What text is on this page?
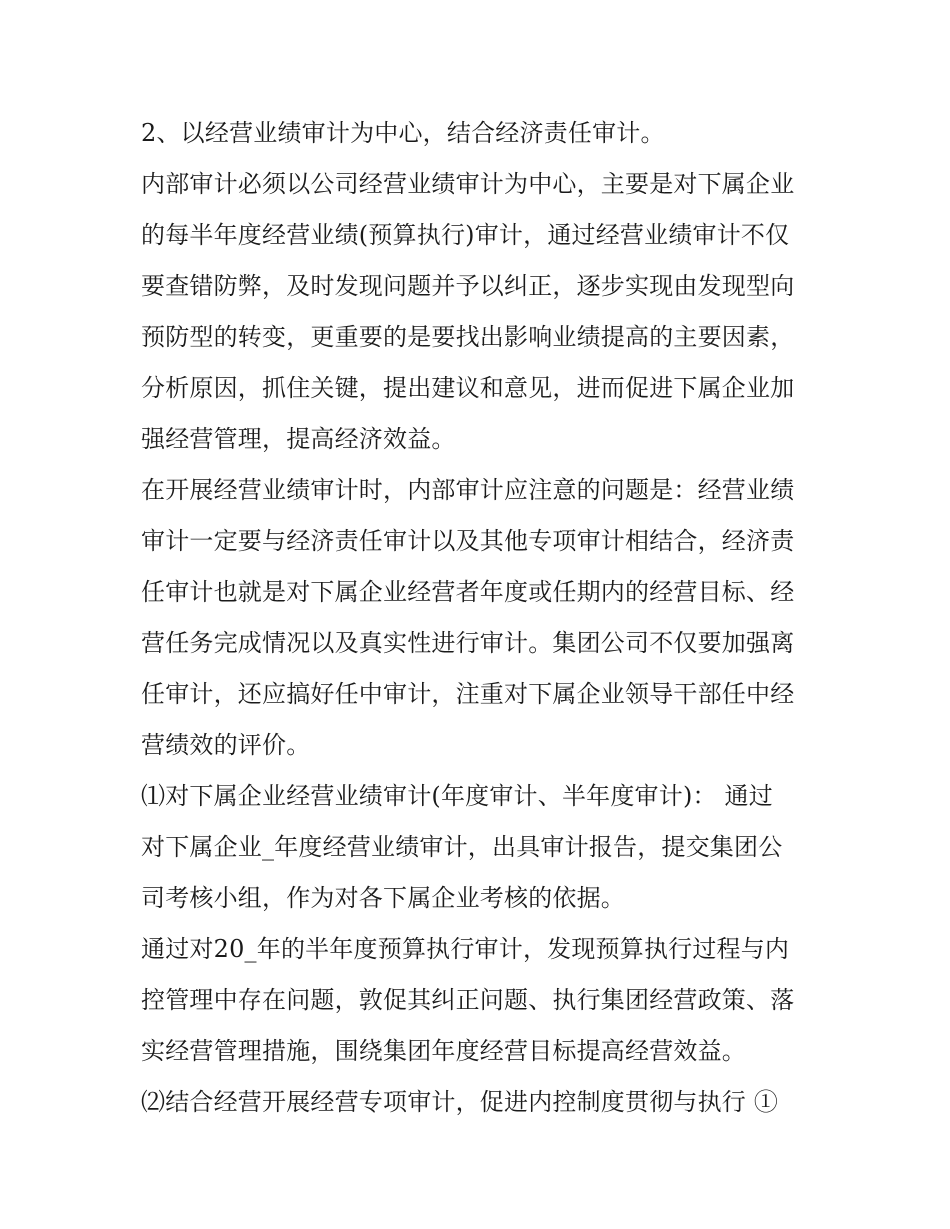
2、以经营业绩审计为中心，结合经济责任审计。
内部审计必须以公司经营业绩审计为中心，主要是对下属企业
的每半年度经营业绩(预算执行)审计，通过经营业绩审计不仅
要查错防弊，及时发现问题并予以纠正，逐步实现由发现型向
预防型的转变，更重要的是要找出影响业绩提高的主要因素，
分析原因，抓住关键，提出建议和意见，进而促进下属企业加
强经营管理，提高经济效益。
在开展经营业绩审计时，内部审计应注意的问题是：经营业绩
审计一定要与经济责任审计以及其他专项审计相结合，经济责
任审计也就是对下属企业经营者年度或任期内的经营目标、经
营任务完成情况以及真实性进行审计。集团公司不仅要加强离
任审计，还应搞好任中审计，注重对下属企业领导干部任中经
营绩效的评价。
⑴对下属企业经营业绩审计(年度审计、半年度审计)： 通过
对下属企业_年度经营业绩审计，出具审计报告，提交集团公
司考核小组，作为对各下属企业考核的依据。
通过对20_年的半年度预算执行审计，发现预算执行过程与内
控管理中存在问题，敦促其纠正问题、执行集团经营政策、落
实经营管理措施，围绕集团年度经营目标提高经营效益。
⑵结合经营开展经营专项审计，促进内控制度贯彻与执行 ①
